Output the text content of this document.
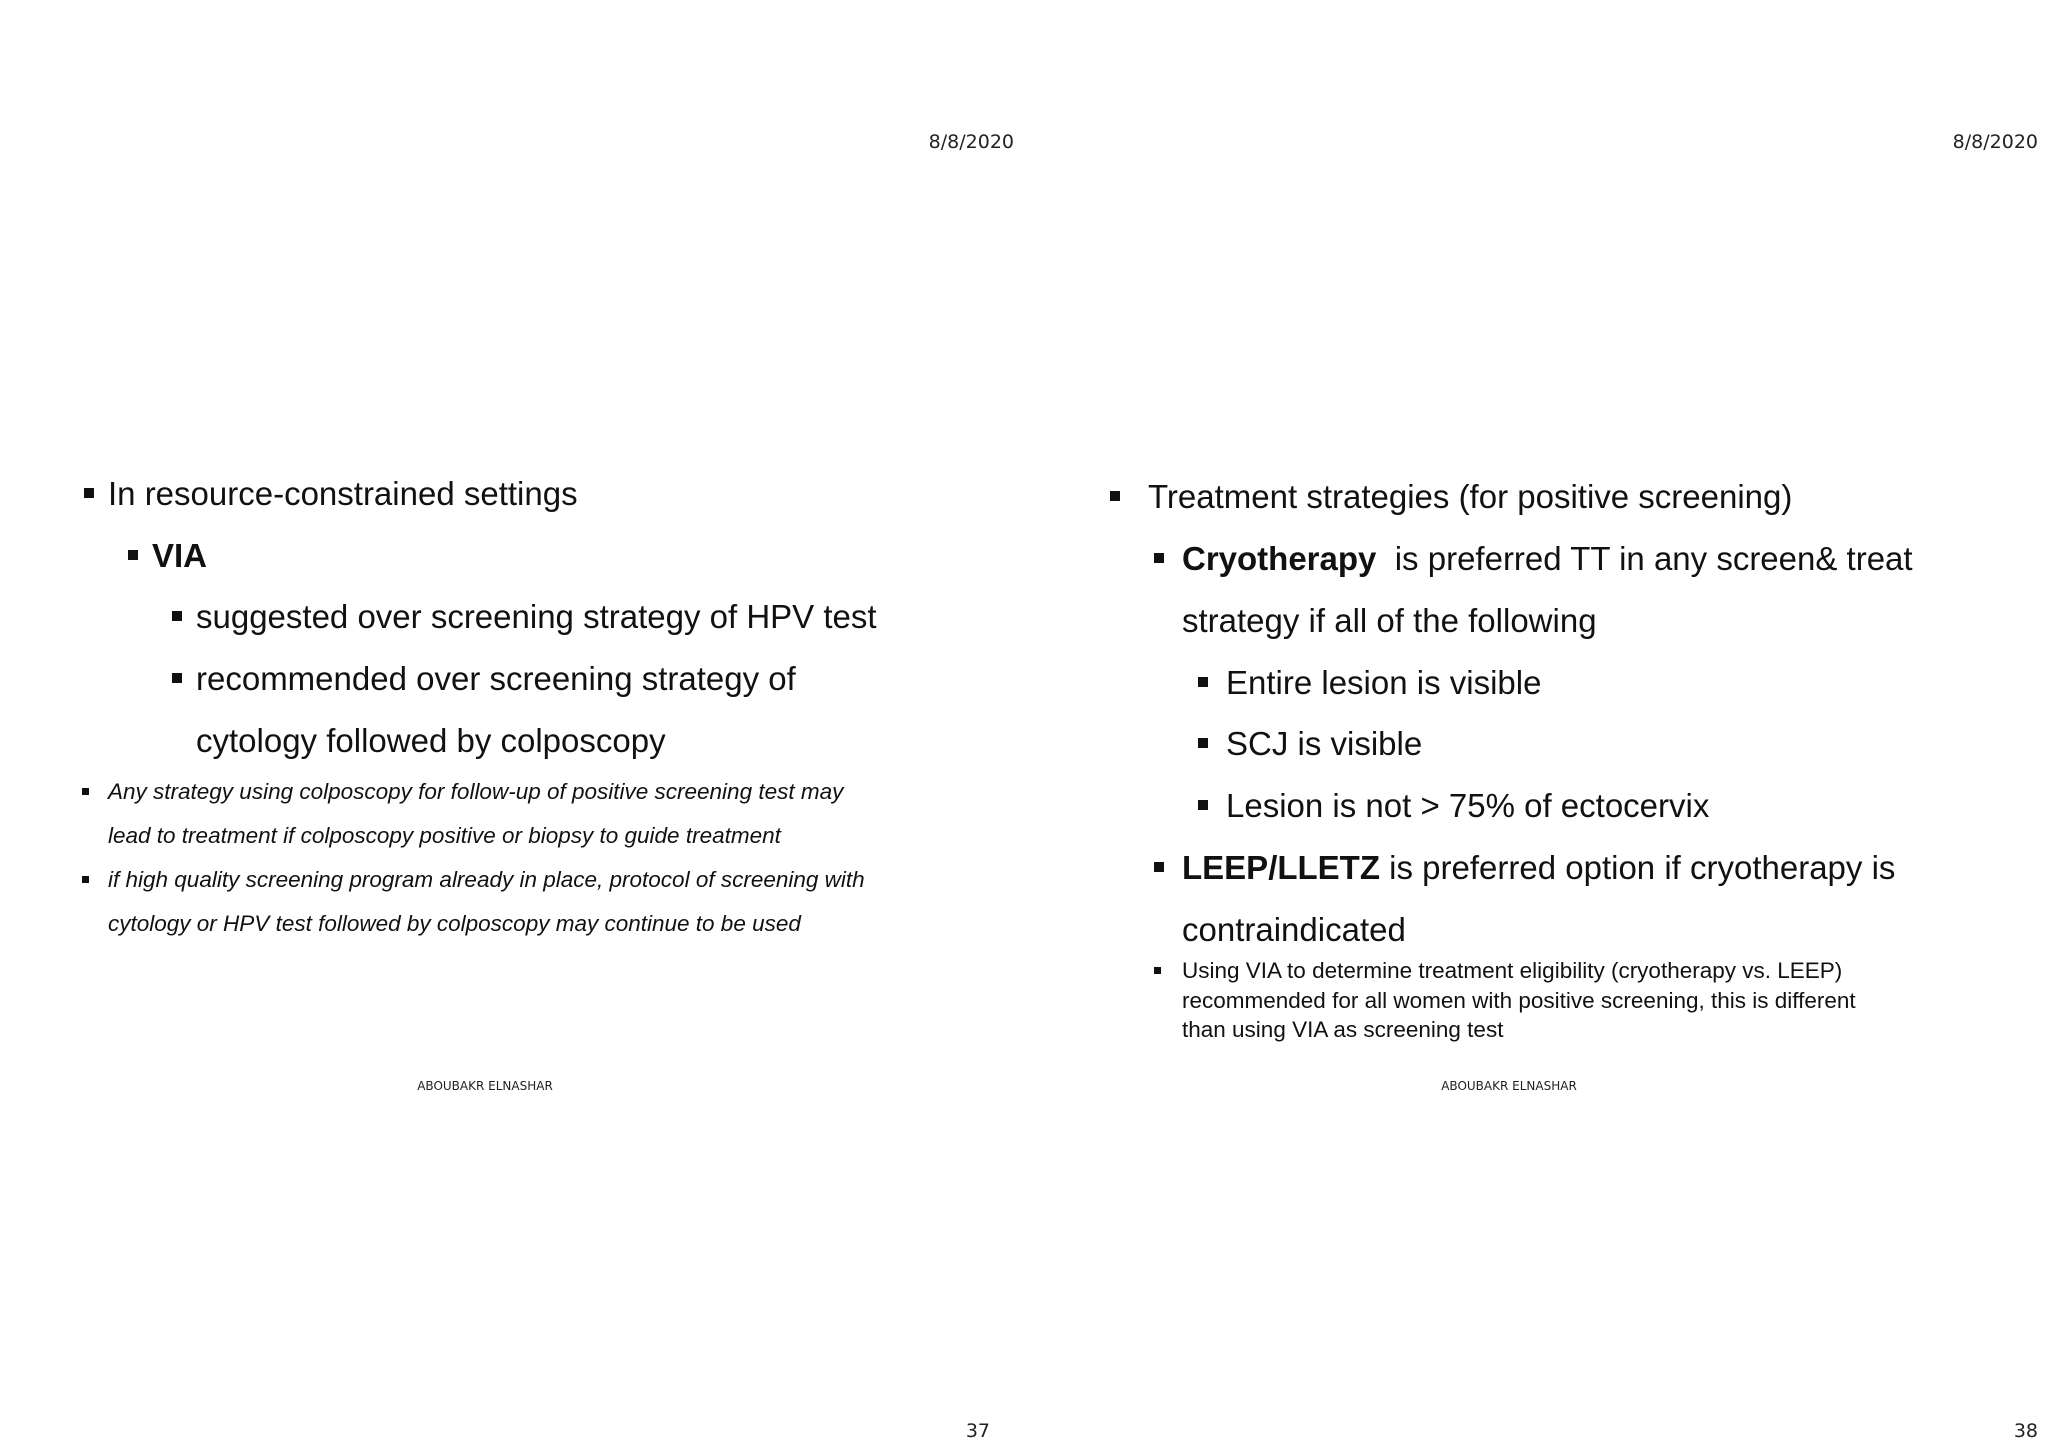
8/8/2020
In resource-constrained settings
VIA
suggested over screening strategy of HPV test
recommended over screening strategy of
cytology followed by colposcopy
Any strategy using colposcopy for follow-up of positive screening test may
lead to treatment if colposcopy positive or biopsy to guide treatment
if high quality screening program already in place, protocol of screening with
cytology or HPV test followed by colposcopy may continue to be used
ABOUBAKR ELNASHAR
37
8/8/2020
Treatment strategies (for positive screening)
Cryotherapy  is preferred TT in any screen& treat
strategy if all of the following
Entire lesion is visible
SCJ is visible
Lesion is not > 75% of ectocervix
LEEP/LLETZ is preferred option if cryotherapy is
contraindicated
Using VIA to determine treatment eligibility (cryotherapy vs. LEEP)
recommended for all women with positive screening, this is different
than using VIA as screening test
ABOUBAKR ELNASHAR
38
